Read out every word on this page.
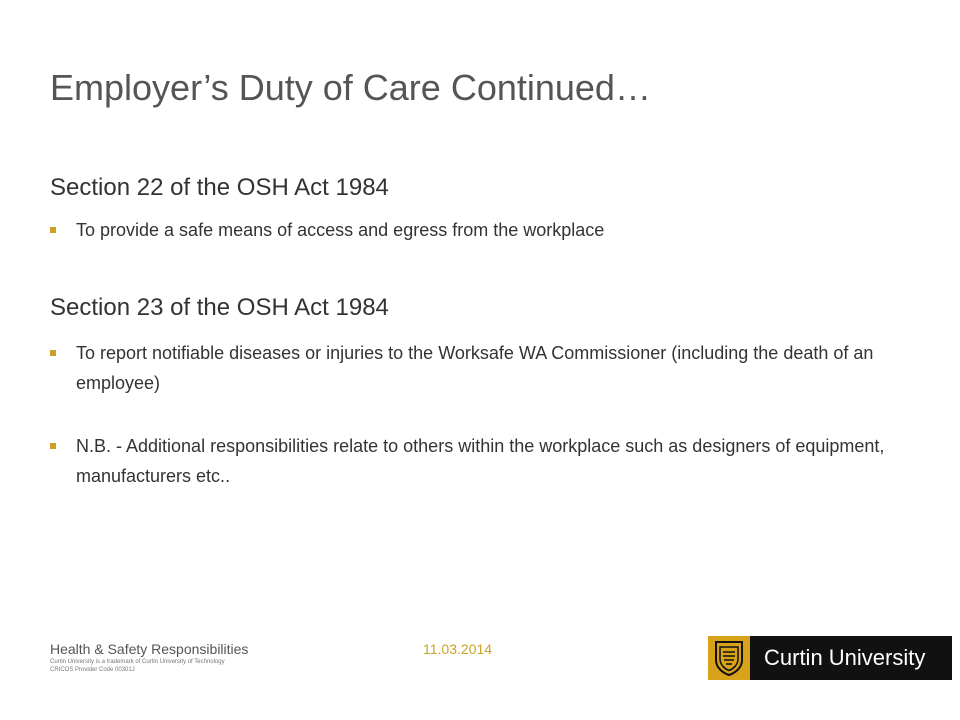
Employer’s Duty of Care Continued…
Section 22 of the OSH Act 1984
To provide a safe means of access and egress from the workplace
Section 23 of the OSH Act 1984
To report notifiable diseases or injuries to the Worksafe WA Commissioner (including the death of an employee)
N.B. - Additional responsibilities relate to others within the workplace such as designers of equipment, manufacturers etc..
Health & Safety Responsibilities
Curtin University is a trademark of Curtin University of Technology
CRICOS Provider Code 00301J
11.03.2014	Curtin University
